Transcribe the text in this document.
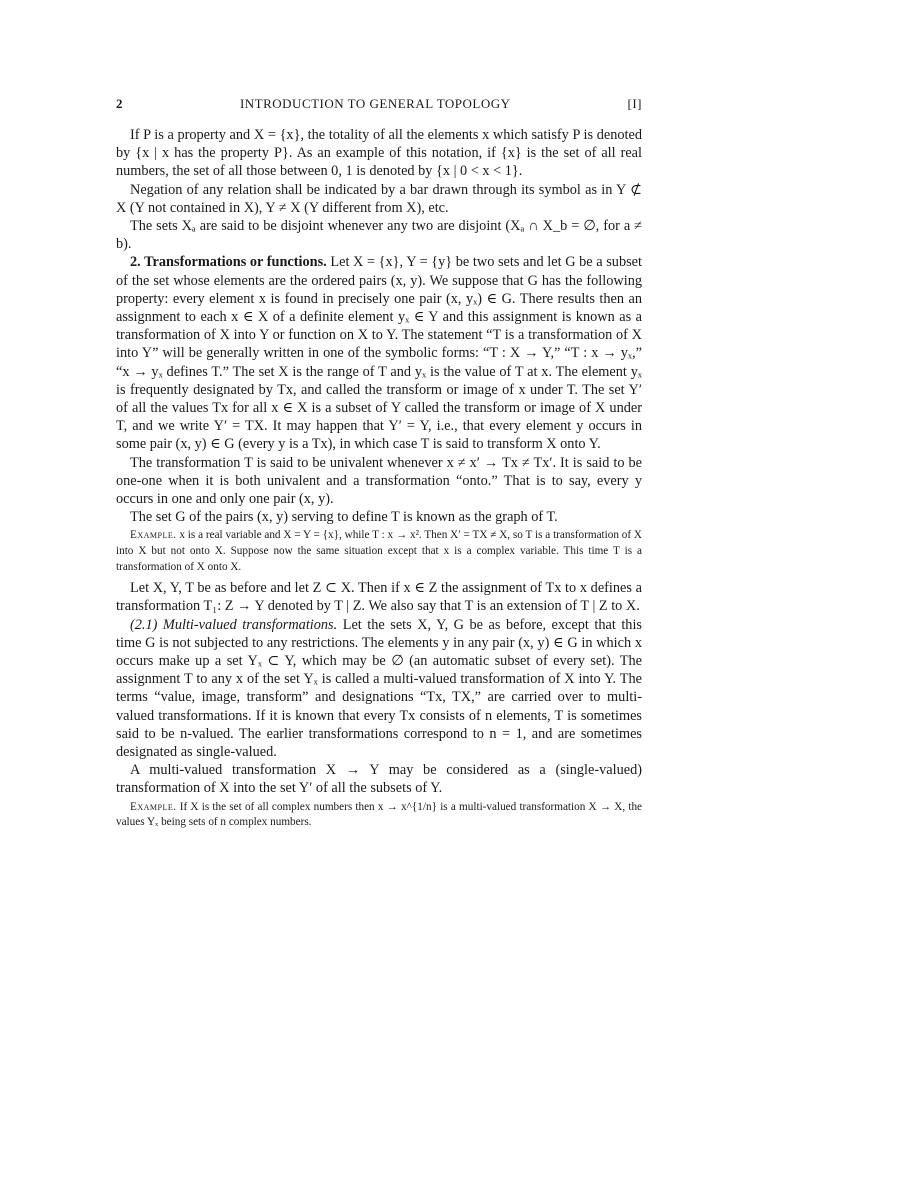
2	INTRODUCTION TO GENERAL TOPOLOGY	[I]

If P is a property and X = {x}, the totality of all the elements x which satisfy P is denoted by {x | x has the property P}. As an example of this notation, if {x} is the set of all real numbers, the set of all those between 0, 1 is denoted by {x | 0 < x < 1}.

Negation of any relation shall be indicated by a bar drawn through its symbol as in Y ⊄ X (Y not contained in X), Y ≠ X (Y different from X), etc.

The sets Xₐ are said to be disjoint whenever any two are disjoint (Xₐ ∩ X_b = ∅, for a ≠ b).

2. Transformations or functions. Let X = {x}, Y = {y} be two sets and let G be a subset of the set whose elements are the ordered pairs (x, y). We suppose that G has the following property: every element x is found in precisely one pair (x, yₓ) ∈ G. There results then an assignment to each x ∈ X of a definite element yₓ ∈ Y and this assignment is known as a transformation of X into Y or function on X to Y. The statement “T is a transformation of X into Y” will be generally written in one of the symbolic forms: “T : X → Y,” “T : x → yₓ,” “x → yₓ defines T.” The set X is the range of T and yₓ is the value of T at x. The element yₓ is frequently designated by Tx, and called the transform or image of x under T. The set Y′ of all the values Tx for all x ∈ X is a subset of Y called the transform or image of X under T, and we write Y′ = TX. It may happen that Y′ = Y, i.e., that every element y occurs in some pair (x, y) ∈ G (every y is a Tx), in which case T is said to transform X onto Y.

The transformation T is said to be univalent whenever x ≠ x′ → Tx ≠ Tx′. It is said to be one-one when it is both univalent and a transformation “onto.” That is to say, every y occurs in one and only one pair (x, y).

The set G of the pairs (x, y) serving to define T is known as the graph of T.

Example. x is a real variable and X = Y = {x}, while T : x → x². Then X′ = TX ≠ X, so T is a transformation of X into X but not onto X. Suppose now the same situation except that x is a complex variable. This time T is a transformation of X onto X.

Let X, Y, T be as before and let Z ⊂ X. Then if x ∈ Z the assignment of Tx to x defines a transformation T₁: Z → Y denoted by T | Z. We also say that T is an extension of T | Z to X.

(2.1) Multi-valued transformations. Let the sets X, Y, G be as before, except that this time G is not subjected to any restrictions. The elements y in any pair (x, y) ∈ G in which x occurs make up a set Yₓ ⊂ Y, which may be ∅ (an automatic subset of every set). The assignment T to any x of the set Yₓ is called a multi-valued transformation of X into Y. The terms “value, image, transform” and designations “Tx, TX,” are carried over to multi-valued transformations. If it is known that every Tx consists of n elements, T is sometimes said to be n-valued. The earlier transformations correspond to n = 1, and are sometimes designated as single-valued.

A multi-valued transformation X → Y may be considered as a (single-valued) transformation of X into the set Y′ of all the subsets of Y.

Example. If X is the set of all complex numbers then x → x^{1/n} is a multi-valued transformation X → X, the values Yₓ being sets of n complex numbers.
